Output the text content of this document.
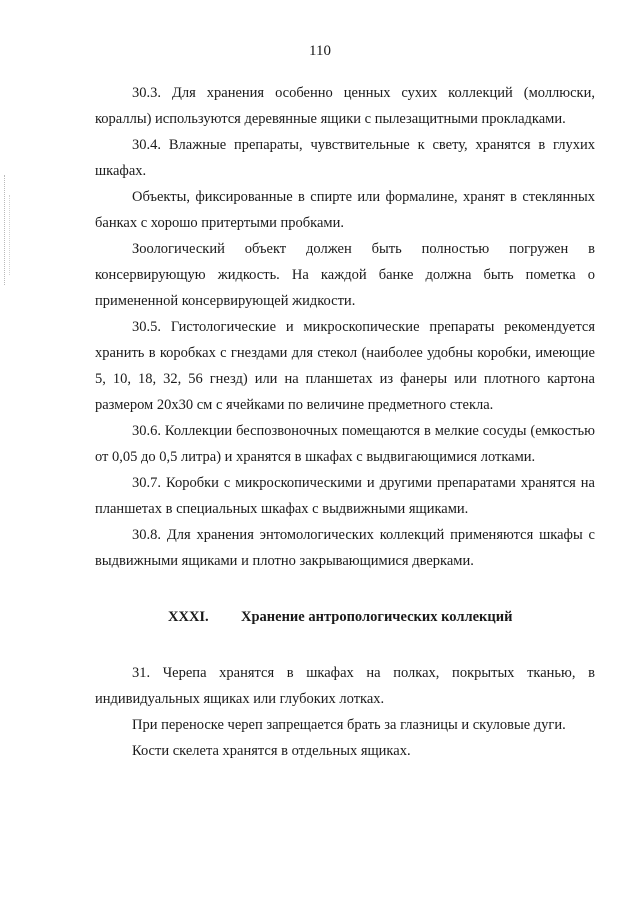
110

30.3. Для хранения особенно ценных сухих коллекций (моллюски, кораллы) используются деревянные ящики с пылезащитными прокладками.

30.4. Влажные препараты, чувствительные к свету, хранятся в глухих шкафах.

Объекты, фиксированные в спирте или формалине, хранят в стеклянных банках с хорошо притертыми пробками.

Зоологический объект должен быть полностью погружен в консервирующую жидкость. На каждой банке должна быть пометка о примененной консервирующей жидкости.

30.5. Гистологические и микроскопические препараты рекомендуется хранить в коробках с гнездами для стекол (наиболее удобны коробки, имеющие 5, 10, 18, 32, 56 гнезд) или на планшетах из фанеры или плотного картона размером 20х30 см с ячейками по величине предметного стекла.

30.6. Коллекции беспозвоночных помещаются в мелкие сосуды (емкостью от 0,05 до 0,5 литра) и хранятся в шкафах с выдвигающимися лотками.

30.7. Коробки с микроскопическими и другими препаратами хранятся на планшетах в специальных шкафах с выдвижными ящиками.

30.8. Для хранения энтомологических коллекций применяются шкафы с выдвижными ящиками и плотно закрывающимися дверками.

XXXI.	Хранение антропологических коллекций

31. Черепа хранятся в шкафах на полках, покрытых тканью, в индивидуальных ящиках или глубоких лотках.

При переноске череп запрещается брать за глазницы и скуловые дуги.

Кости скелета хранятся в отдельных ящиках.
